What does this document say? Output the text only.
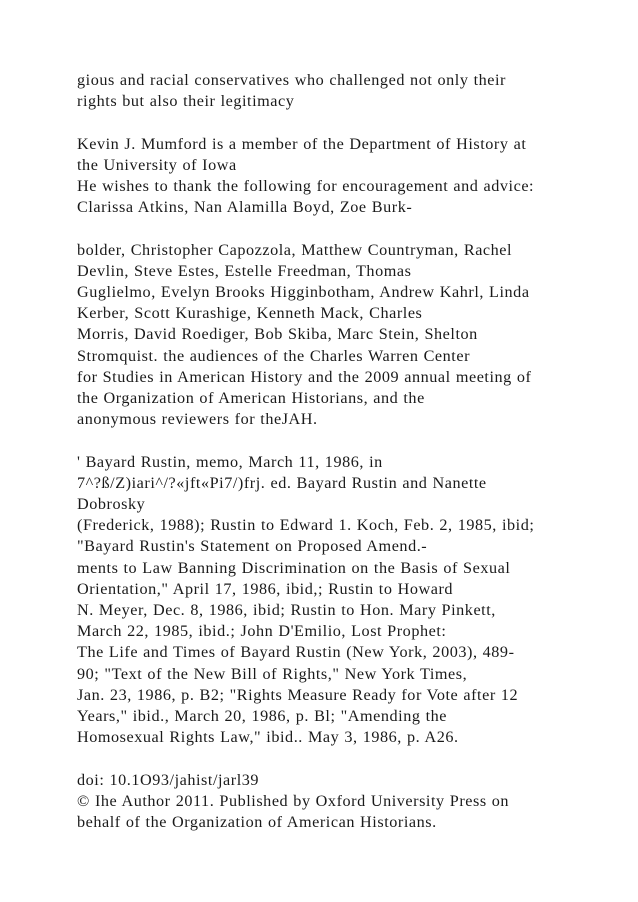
gious and racial conservatives who challenged not only their
rights but also their legitimacy

Kevin J. Mumford is a member of the Department of History at
the University of Iowa
He wishes to thank the following for encouragement and advice:
Clarissa Atkins, Nan Alamilla Boyd, Zoe Burk-

bolder, Christopher Capozzola, Matthew Countryman, Rachel
Devlin, Steve Estes, Estelle Freedman, Thomas
Guglielmo, Evelyn Brooks Higginbotham, Andrew Kahrl, Linda
Kerber, Scott Kurashige, Kenneth Mack, Charles
Morris, David Roediger, Bob Skiba, Marc Stein, Shelton
Stromquist. the audiences of the Charles Warren Center
for Studies in American History and the 2009 annual meeting of
the Organization of American Historians, and the
anonymous reviewers for theJAH.

' Bayard Rustin, memo, March 11, 1986, in
7^?ß/Z)iari^/?«jft«Pi7/)frj. ed. Bayard Rustin and Nanette
Dobrosky
(Frederick, 1988); Rustin to Edward 1. Koch, Feb. 2, 1985, ibid;
"Bayard Rustin's Statement on Proposed Amend.-
ments to Law Banning Discrimination on the Basis of Sexual
Orientation," April 17, 1986, ibid,; Rustin to Howard
N. Meyer, Dec. 8, 1986, ibid; Rustin to Hon. Mary Pinkett,
March 22, 1985, ibid.; John D'Emilio, Lost Prophet:
The Life and Times of Bayard Rustin (New York, 2003), 489-
90; "Text of the New Bill of Rights," New York Times,
Jan. 23, 1986, p. B2; "Rights Measure Ready for Vote after 12
Years," ibid., March 20, 1986, p. Bl; "Amending the
Homosexual Rights Law," ibid.. May 3, 1986, p. A26.

doi: 10.1O93/jahist/jarl39
© Ihe Author 2011. Published by Oxford University Press on
behalf of the Organization of American Historians.
